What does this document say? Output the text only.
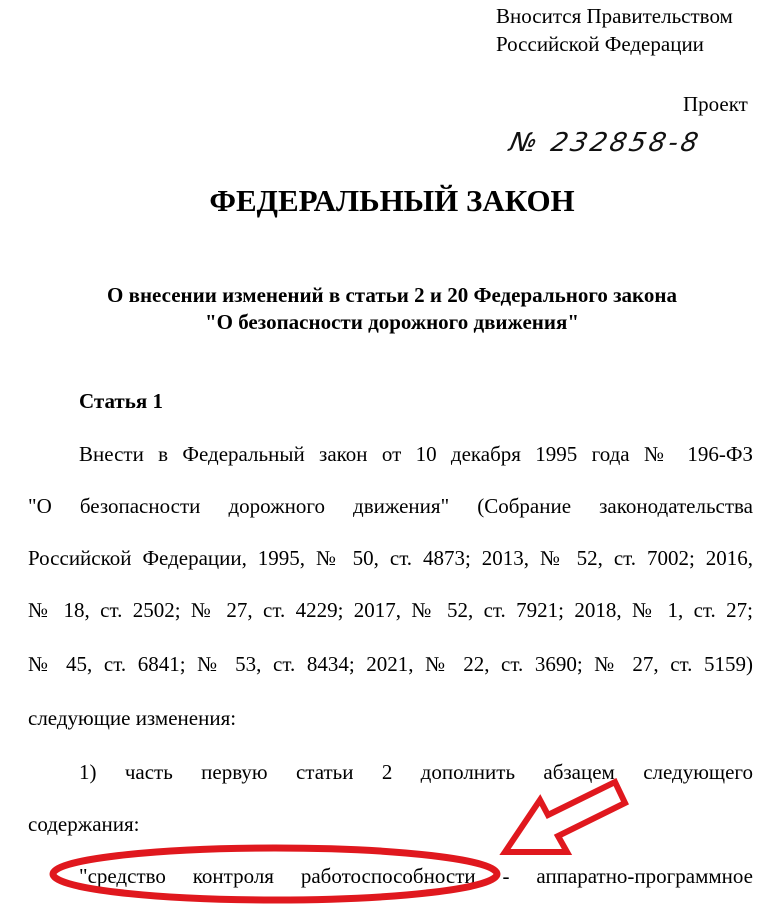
Вносится Правительством
Российской Федерации
Проект
№ 232858-8
ФЕДЕРАЛЬНЫЙ ЗАКОН
О внесении изменений в статьи 2 и 20 Федерального закона
"О безопасности дорожного движения"
Статья 1
Внести в Федеральный закон от 10 декабря 1995 года № 196-ФЗ
"О безопасности дорожного движения" (Собрание законодательства
Российской Федерации, 1995, № 50, ст. 4873; 2013, № 52, ст. 7002; 2016,
№ 18, ст. 2502; № 27, ст. 4229; 2017, № 52, ст. 7921; 2018, № 1, ст. 27;
№ 45, ст. 6841; № 53, ст. 8434; 2021, № 22, ст. 3690; № 27, ст. 5159)
следующие изменения:
1) часть первую статьи 2 дополнить абзацем следующего
содержания:
"средство контроля работоспособности - аппаратно-программное
